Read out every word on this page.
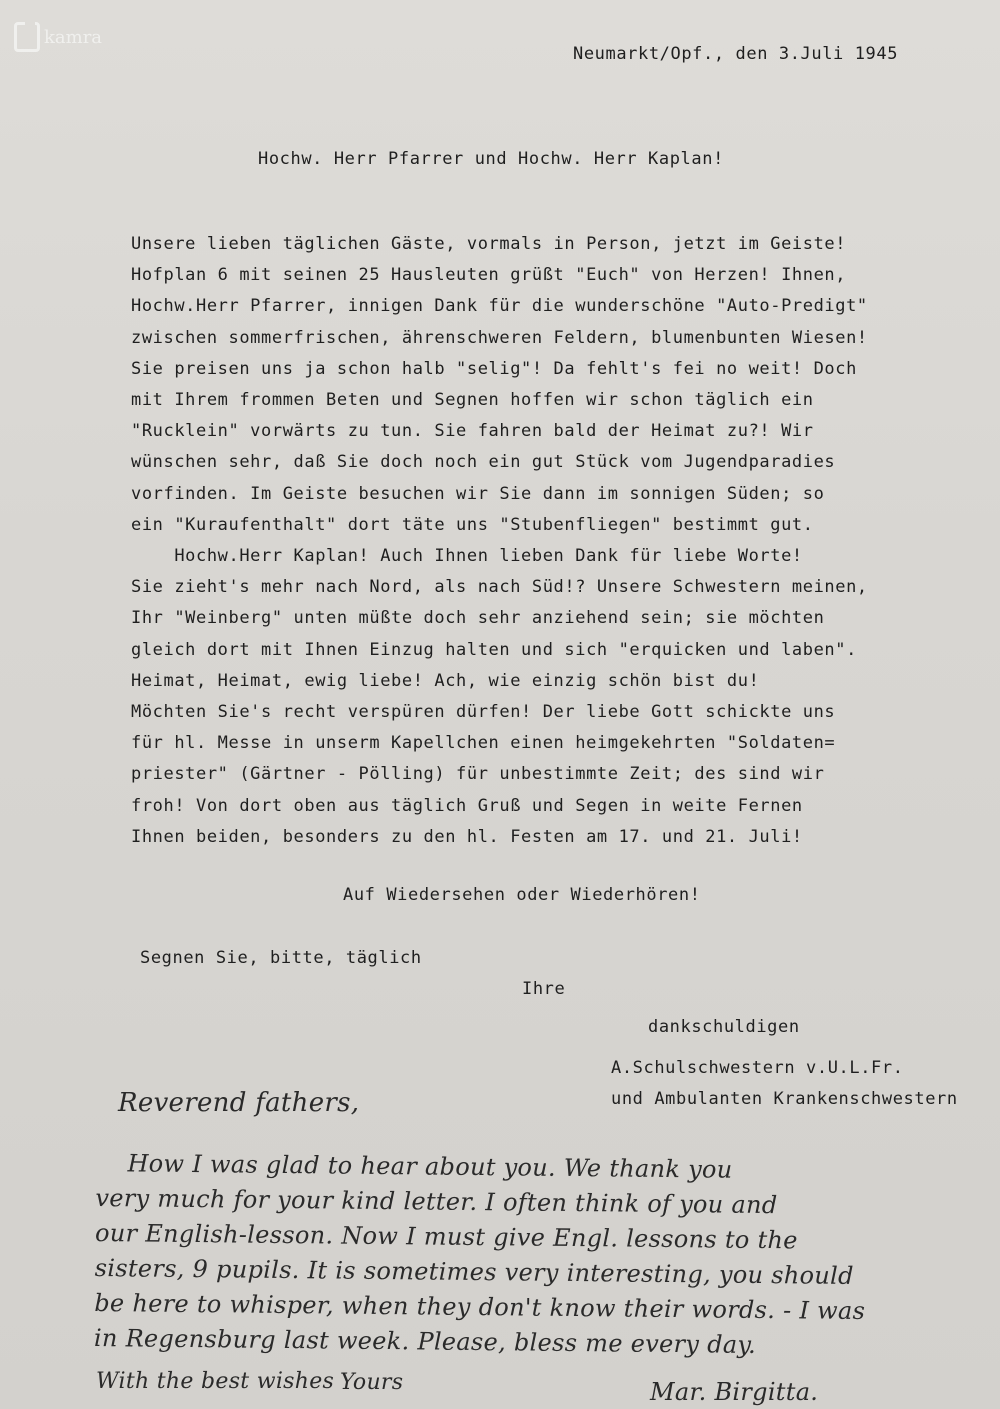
kamra
Neumarkt/Opf., den 3.Juli 1945
Hochw. Herr Pfarrer und Hochw. Herr Kaplan!
Unsere lieben täglichen Gäste, vormals in Person, jetzt im Geiste!
Hofplan 6 mit seinen 25 Hausleuten grüßt "Euch" von Herzen! Ihnen,
Hochw.Herr Pfarrer, innigen Dank für die wunderschöne "Auto-Predigt"
zwischen sommerfrischen, ährenschweren Feldern, blumenbunten Wiesen!
Sie preisen uns ja schon halb "selig"! Da fehlt's fei no weit! Doch
mit Ihrem frommen Beten und Segnen hoffen wir schon täglich ein
"Rucklein" vorwärts zu tun. Sie fahren bald der Heimat zu?! Wir
wünschen sehr, daß Sie doch noch ein gut Stück vom Jugendparadies
vorfinden. Im Geiste besuchen wir Sie dann im sonnigen Süden; so
ein "Kuraufenthalt" dort täte uns "Stubenfliegen" bestimmt gut.
Hochw.Herr Kaplan! Auch Ihnen lieben Dank für liebe Worte!
Sie zieht's mehr nach Nord, als nach Süd!? Unsere Schwestern meinen,
Ihr "Weinberg" unten müßte doch sehr anziehend sein; sie möchten
gleich dort mit Ihnen Einzug halten und sich "erquicken und laben".
Heimat, Heimat, ewig liebe! Ach, wie einzig schön bist du!
Möchten Sie's recht verspüren dürfen! Der liebe Gott schickte uns
für hl. Messe in unserm Kapellchen einen heimgekehrten "Soldaten=
priester" (Gärtner - Pölling) für unbestimmte Zeit; des sind wir
froh! Von dort oben aus täglich Gruß und Segen in weite Fernen
Ihnen beiden, besonders zu den hl. Festen am 17. und 21. Juli!
Auf Wiedersehen oder Wiederhören!
Segnen Sie, bitte, täglich
Ihre
dankschuldigen
A.Schulschwestern v.U.L.Fr.
und Ambulanten Krankenschwestern
Reverend fathers,
How I was glad to hear about you. We thank you
very much for your kind letter. I often think of you and
our English-lesson. Now I must give Engl. lessons to the
sisters, 9 pupils. It is sometimes very interesting, you should
be here to whisper, when they don't know their words. - I was
in Regensburg last week. Please, bless me every day.
With the best wishes Yours	Mar. Birgitta.
